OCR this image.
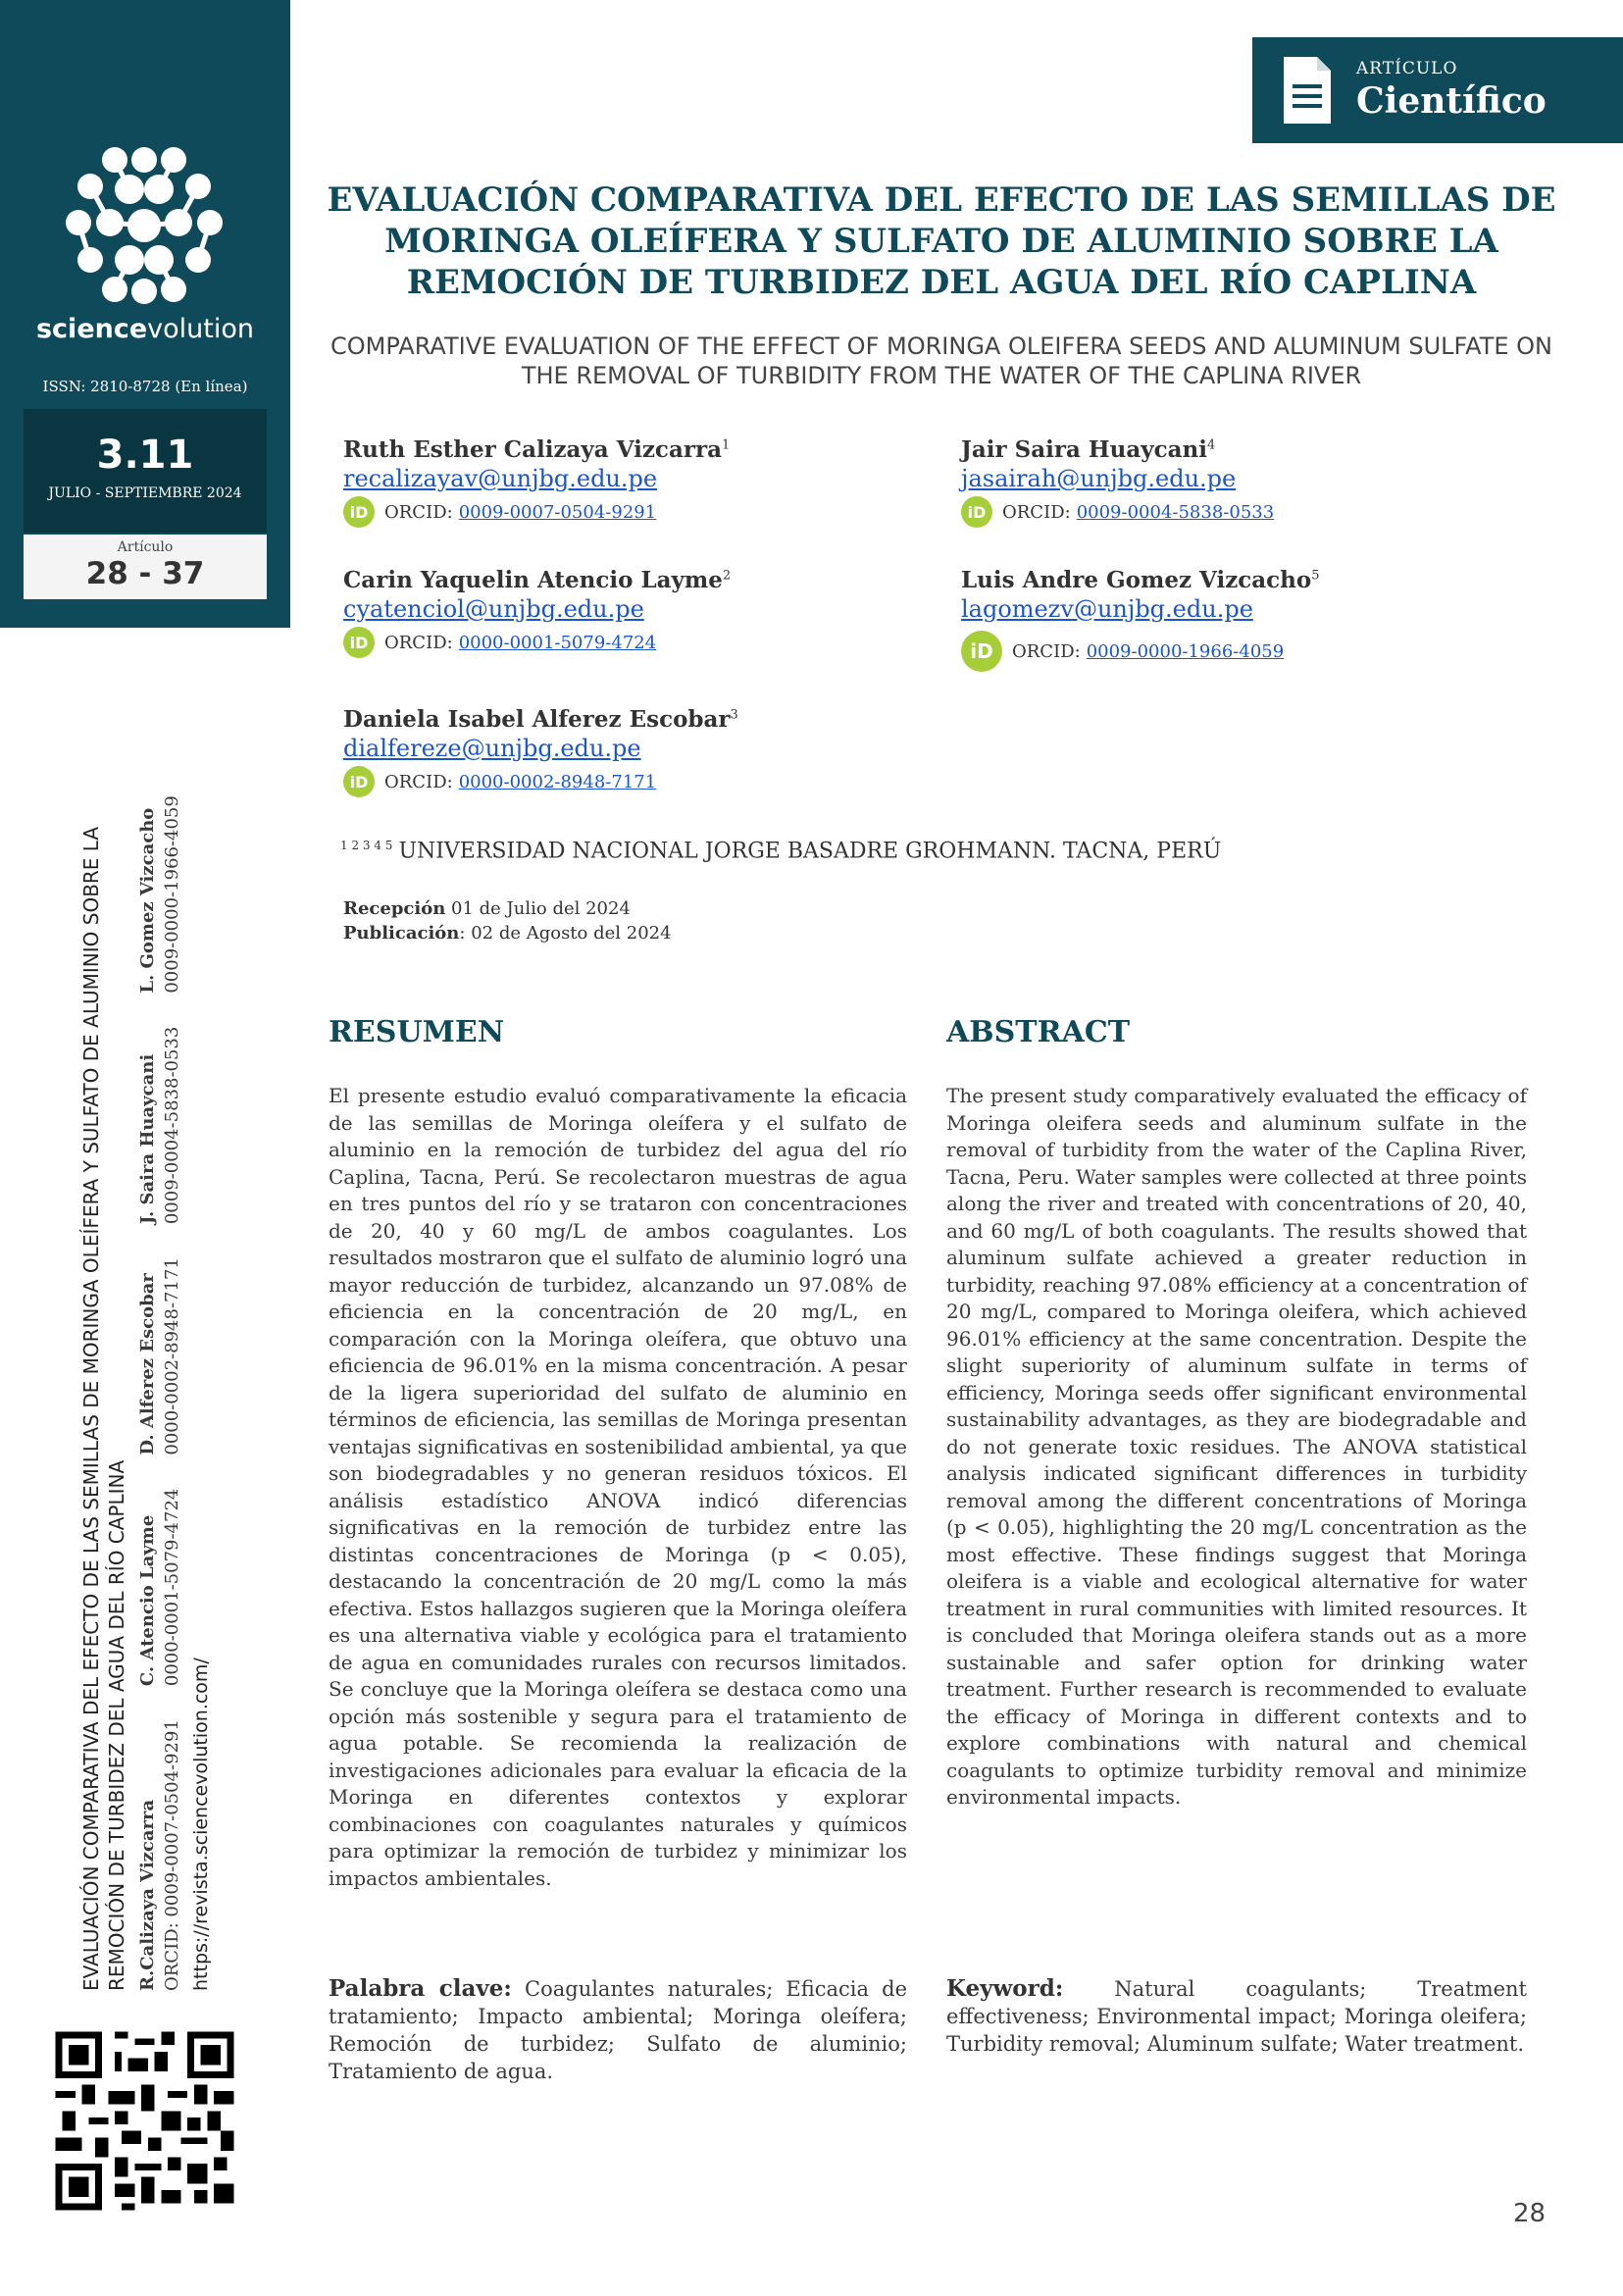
sciencevolution
ISSN: 2810-8728 (En línea)
3.11
JULIO - SEPTIEMBRE 2024
Artículo
28 - 37
EVALUACIÓN COMPARATIVA DEL EFECTO DE LAS SEMILLAS DE MORINGA OLEÍFERA Y SULFATO DE ALUMINIO SOBRE LA REMOCIÓN DE TURBIDEZ DEL AGUA DEL RÍO CAPLINA R.Calizaya Vizcarra ORCID: 0009-0007-0504-9291
C. Atencio Layme 0000-0001-5079-4724
D. Alferez Escobar 0000-0002-8948-7171
J. Saira Huaycani 0009-0004-5838-0533
L. Gomez Vizcacho 0009-0000-1966-4059
https://revista.sciencevolution.com/
ARTÍCULO
Científico
EVALUACIÓN COMPARATIVA DEL EFECTO DE LAS SEMILLAS DE MORINGA OLEÍFERA Y SULFATO DE ALUMINIO SOBRE LA REMOCIÓN DE TURBIDEZ DEL AGUA DEL RÍO CAPLINA
COMPARATIVE EVALUATION OF THE EFFECT OF MORINGA OLEIFERA SEEDS AND ALUMINUM SULFATE ON THE REMOVAL OF TURBIDITY FROM THE WATER OF THE CAPLINA RIVER
Ruth Esther Calizaya Vizcarra$^1$
recalizayav@unjbg.edu.pe
iD ORCID: 0009-0007-0504-9291
Carin Yaquelin Atencio Layme$^2$
cyatenciol@unjbg.edu.pe
iD ORCID: 0000-0001-5079-4724
Daniela Isabel Alferez Escobar$^3$
dialfereze@unjbg.edu.pe
iD ORCID: 0000-0002-8948-7171
Jair Saira Huaycani$^4$
jasairah@unjbg.edu.pe
iD ORCID: 0009-0004-5838-0533
Luis Andre Gomez Vizcacho$^5$
lagomezv@unjbg.edu.pe
iD	ORCID: 0009-0000-1966-4059
$^{1 2 3 4 5}$ UNIVERSIDAD NACIONAL JORGE BASADRE GROHMANN. TACNA, PERÚ
Recepción 01 de Julio del 2024
Publicación: 02 de Agosto del 2024
RESUMEN
El presente estudio evaluó comparativamente la eficacia de las semillas de Moringa oleífera y el sulfato de aluminio en la remoción de turbidez del agua del río Caplina, Tacna, Perú. Se recolectaron muestras de agua en tres puntos del río y se trataron con concentraciones de 20, 40 y 60 mg/L de ambos coagulantes. Los resultados mostraron que el sulfato de aluminio logró una mayor reducción de turbidez, alcanzando un 97.08% de eficiencia en la concentración de 20 mg/L, en comparación con la Moringa oleífera, que obtuvo una eficiencia de 96.01% en la misma concentración. A pesar de la ligera superioridad del sulfato de aluminio en términos de eficiencia, las semillas de Moringa presentan ventajas significativas en sostenibilidad ambiental, ya que son biodegradables y no generan residuos tóxicos. El análisis estadístico ANOVA indicó diferencias significativas en la remoción de turbidez entre las distintas concentraciones de Moringa (p < 0.05), destacando la concentración de 20 mg/L como la más efectiva. Estos hallazgos sugieren que la Moringa oleífera es una alternativa viable y ecológica para el tratamiento de agua en comunidades rurales con recursos limitados. Se concluye que la Moringa oleífera se destaca como una opción más sostenible y segura para el tratamiento de agua potable. Se recomienda la realización de investigaciones adicionales para evaluar la eficacia de la Moringa en diferentes contextos y explorar combinaciones con coagulantes naturales y químicos para optimizar la remoción de turbidez y minimizar los impactos ambientales.
Palabra clave: Coagulantes naturales; Eficacia de tratamiento; Impacto ambiental; Moringa oleífera; Remoción de turbidez; Sulfato de aluminio; Tratamiento de agua.
ABSTRACT
The present study comparatively evaluated the efficacy of Moringa oleifera seeds and aluminum sulfate in the removal of turbidity from the water of the Caplina River, Tacna, Peru. Water samples were collected at three points along the river and treated with concentrations of 20, 40, and 60 mg/L of both coagulants. The results showed that aluminum sulfate achieved a greater reduction in turbidity, reaching 97.08% efficiency at a concentration of 20 mg/L, compared to Moringa oleifera, which achieved 96.01% efficiency at the same concentration. Despite the slight superiority of aluminum sulfate in terms of efficiency, Moringa seeds offer significant environmental sustainability advantages, as they are biodegradable and do not generate toxic residues. The ANOVA statistical analysis indicated significant differences in turbidity removal among the different concentrations of Moringa (p < 0.05), highlighting the 20 mg/L concentration as the most effective. These findings suggest that Moringa oleifera is a viable and ecological alternative for water treatment in rural communities with limited resources. It is concluded that Moringa oleifera stands out as a more sustainable and safer option for drinking water treatment. Further research is recommended to evaluate the efficacy of Moringa in different contexts and to explore combinations with natural and chemical coagulants to optimize turbidity removal and minimize environmental impacts.
Keyword: Natural coagulants; Treatment effectiveness; Environmental impact; Moringa oleifera; Turbidity removal; Aluminum sulfate; Water treatment.
28
